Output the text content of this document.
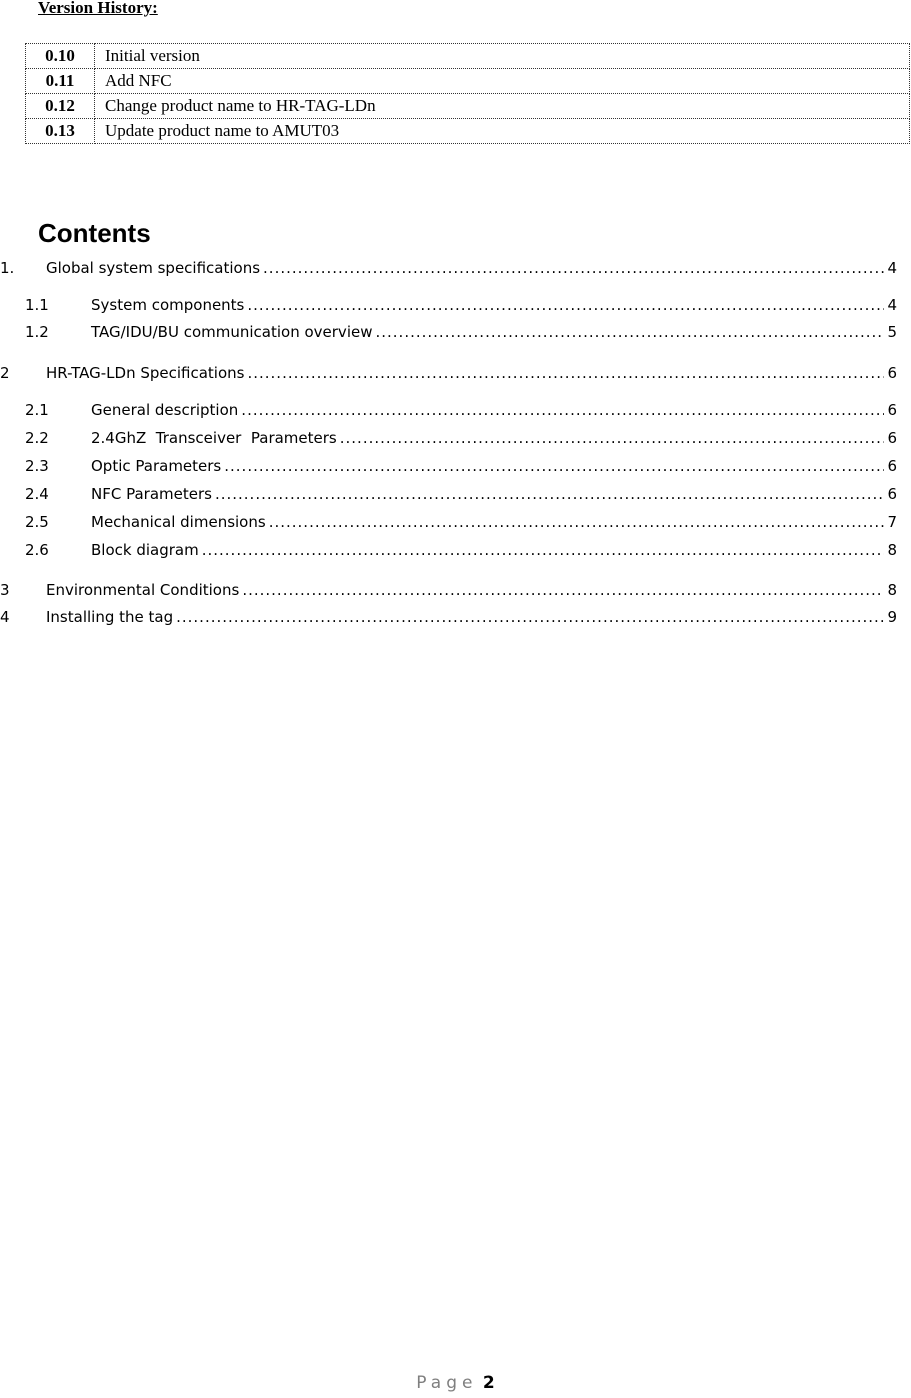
Version History:
0.10	Initial version
0.11	Add NFC
0.12	Change product name to HR-TAG-LDn
0.13	Update product name to AMUT03
Contents
1.	Global system specifications .....	4
1.1	System components .....	4
1.2	TAG/IDU/BU communication overview .....	5
2	HR-TAG-LDn Specifications .....	6
2.1	General description .....	6
2.2	2.4GhZ  Transceiver  Parameters .....	6
2.3	Optic Parameters .....	6
2.4	NFC Parameters .....	6
2.5	Mechanical dimensions .....	7
2.6	Block diagram .....	8
3	Environmental Conditions .....	8
4	Installing the tag .....	9
Page 2
